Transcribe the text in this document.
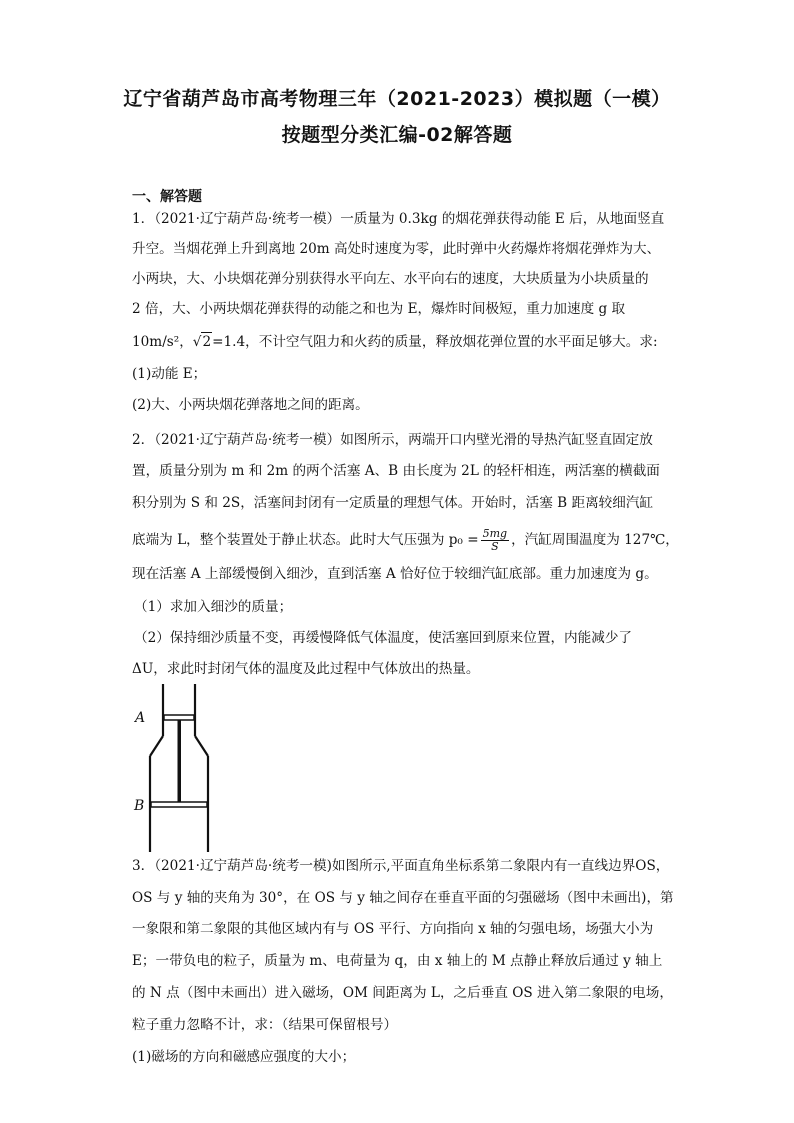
辽宁省葫芦岛市高考物理三年（2021-2023）模拟题（一模）
按题型分类汇编-02解答题
一、解答题
1．（2021·辽宁葫芦岛·统考一模）一质量为 0.3kg 的烟花弹获得动能 E 后，从地面竖直
升空。当烟花弹上升到离地 20m 高处时速度为零，此时弹中火药爆炸将烟花弹炸为大、
小两块，大、小块烟花弹分别获得水平向左、水平向右的速度，大块质量为小块质量的
2 倍，大、小两块烟花弹获得的动能之和也为 E，爆炸时间极短，重力加速度 g 取
10m/s²，√2=1.4，不计空气阻力和火药的质量，释放烟花弹位置的水平面足够大。求:
(1)动能 E；
(2)大、小两块烟花弹落地之间的距离。
2．（2021·辽宁葫芦岛·统考一模）如图所示，两端开口内壁光滑的导热汽缸竖直固定放
置，质量分别为 m 和 2m 的两个活塞 A、B 由长度为 2L 的轻杆相连，两活塞的横截面
积分别为 S 和 2S，活塞间封闭有一定质量的理想气体。开始时，活塞 B 距离较细汽缸
底端为 L，整个装置处于静止状态。此时大气压强为 $p_0 = \frac{5mg}{S}$ ，汽缸周围温度为 127℃，
现在活塞 A 上部缓慢倒入细沙，直到活塞 A 恰好位于较细汽缸底部。重力加速度为 g。
（1）求加入细沙的质量；
（2）保持细沙质量不变，再缓慢降低气体温度，使活塞回到原来位置，内能减少了
ΔU，求此时封闭气体的温度及此过程中气体放出的热量。
A
B
3．（2021·辽宁葫芦岛·统考一模)如图所示,平面直角坐标系第二象限内有一直线边界OS，
OS 与 y 轴的夹角为 30°，在 OS 与 y 轴之间存在垂直平面的匀强磁场（图中未画出)，第
一象限和第二象限的其他区域内有与 OS 平行、方向指向 x 轴的匀强电场，场强大小为
E；一带负电的粒子，质量为 m、电荷量为 q，由 x 轴上的 M 点静止释放后通过 y 轴上
的 N 点（图中未画出）进入磁场，OM 间距离为 L，之后垂直 OS 进入第二象限的电场，
粒子重力忽略不计，求：（结果可保留根号）
(1)磁场的方向和磁感应强度的大小；
